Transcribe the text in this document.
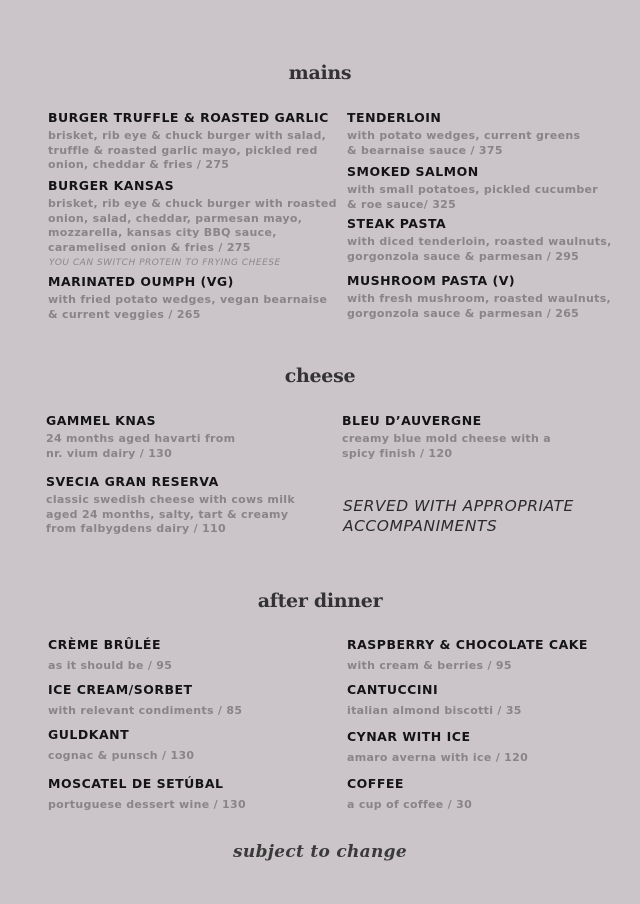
mains
BURGER TRUFFLE & ROASTED GARLIC
brisket, rib eye & chuck burger with salad,
truffle & roasted garlic mayo, pickled red
onion, cheddar & fries / 275
BURGER KANSAS
brisket, rib eye & chuck burger with roasted
onion, salad, cheddar, parmesan mayo,
mozzarella, kansas city BBQ sauce,
caramelised onion & fries / 275
YOU CAN SWITCH PROTEIN TO FRYING CHEESE
MARINATED OUMPH (VG)
with fried potato wedges, vegan bearnaise
& current veggies / 265
TENDERLOIN
with potato wedges, current greens
& bearnaise sauce / 375
SMOKED SALMON
with small potatoes, pickled cucumber
& roe sauce/ 325
STEAK PASTA
with diced tenderloin, roasted waulnuts,
gorgonzola sauce & parmesan / 295
MUSHROOM PASTA (V)
with fresh mushroom, roasted waulnuts,
gorgonzola sauce & parmesan / 265
cheese
GAMMEL KNAS
24 months aged havarti from
nr. vium dairy / 130
SVECIA GRAN RESERVA
classic swedish cheese with cows milk
aged 24 months, salty, tart & creamy
from falbygdens dairy / 110
BLEU D’AUVERGNE
creamy blue mold cheese with a
spicy finish / 120
SERVED WITH APPROPRIATE
ACCOMPANIMENTS
after dinner
CRÈME BRÛLÉE
as it should be / 95
ICE CREAM/SORBET
with relevant condiments / 85
GULDKANT
cognac & punsch / 130
MOSCATEL DE SETÚBAL
portuguese dessert wine / 130
RASPBERRY & CHOCOLATE CAKE
with cream & berries / 95
CANTUCCINI
italian almond biscotti / 35
CYNAR WITH ICE
amaro averna with ice / 120
COFFEE
a cup of coffee / 30
subject to change
